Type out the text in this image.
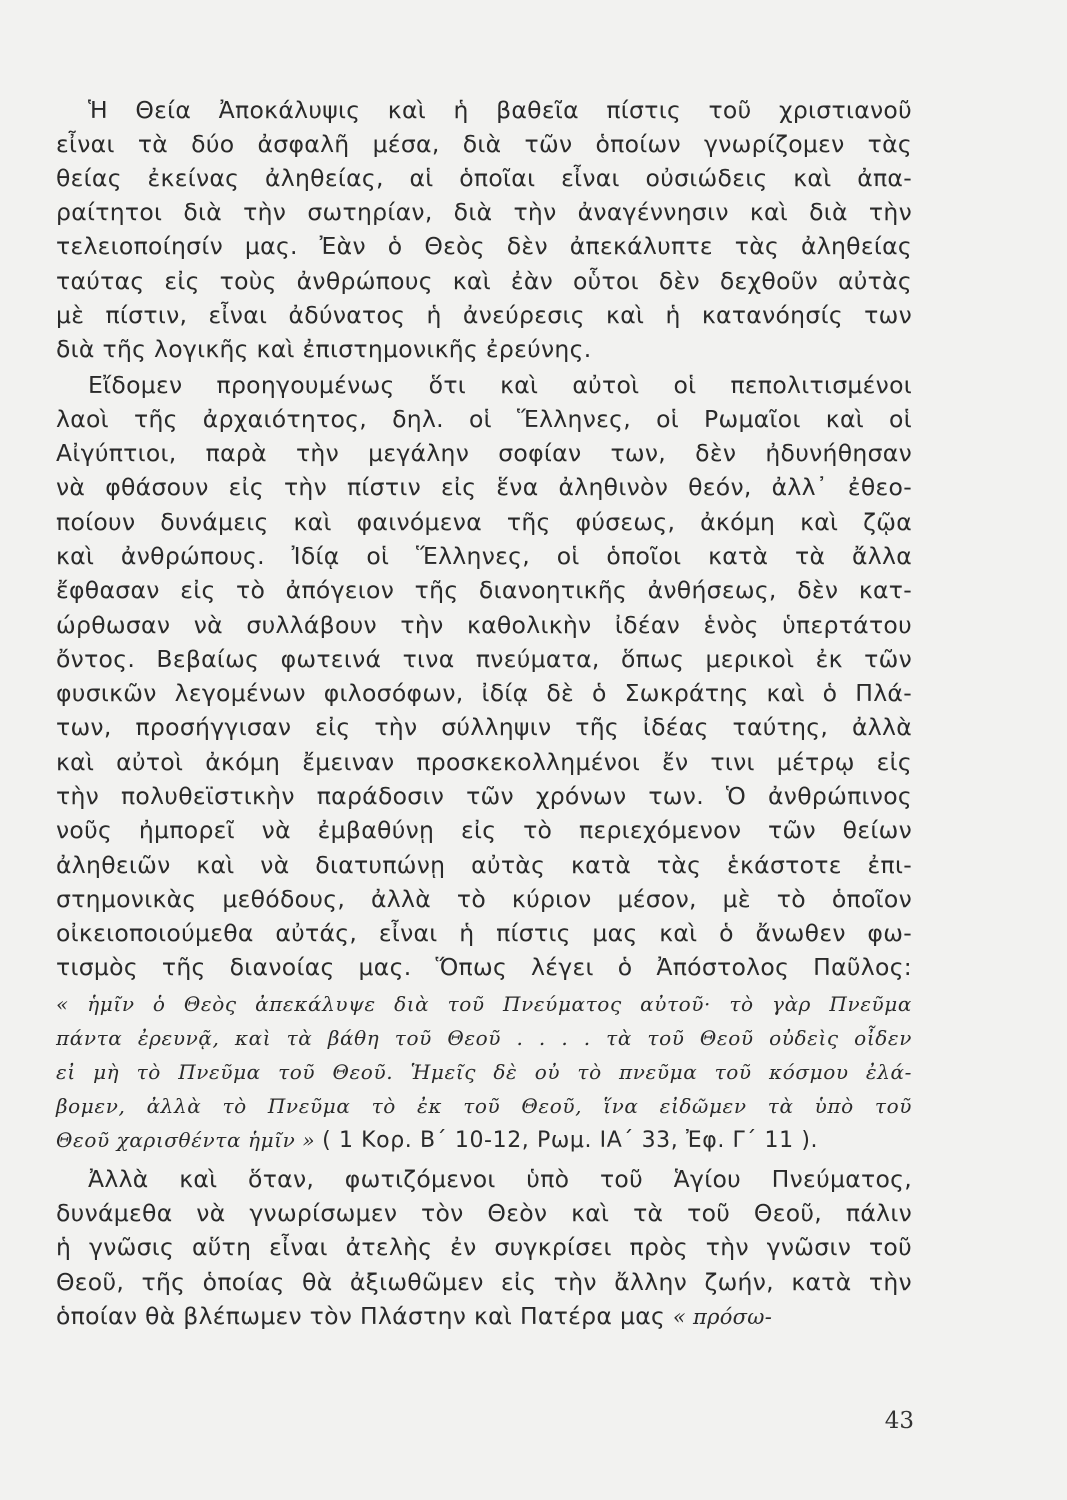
Ἡ Θεία Ἀποκάλυψις καὶ ἡ βαθεῖα πίστις τοῦ χριστιανοῦ
εἶναι τὰ δύο ἀσφαλῆ μέσα, διὰ τῶν ὁποίων γνωρίζομεν τὰς
θείας ἐκείνας ἀληθείας, αἱ ὁποῖαι εἶναι οὐσιώδεις καὶ ἀπα-
ραίτητοι διὰ τὴν σωτηρίαν, διὰ τὴν ἀναγέννησιν καὶ διὰ τὴν
τελειοποίησίν μας. Ἐὰν ὁ Θεὸς δὲν ἀπεκάλυπτε τὰς ἀληθείας
ταύτας εἰς τοὺς ἀνθρώπους καὶ ἐὰν οὗτοι δὲν δεχθοῦν αὐτὰς
μὲ πίστιν, εἶναι ἀδύνατος ἡ ἀνεύρεσις καὶ ἡ κατανόησίς των
διὰ τῆς λογικῆς καὶ ἐπιστημονικῆς ἐρεύνης.
Εἴδομεν προηγουμένως ὅτι καὶ αὐτοὶ οἱ πεπολιτισμένοι
λαοὶ τῆς ἀρχαιότητος, δηλ. οἱ Ἕλληνες, οἱ Ρωμαῖοι καὶ οἱ
Αἰγύπτιοι, παρὰ τὴν μεγάλην σοφίαν των, δὲν ἠδυνήθησαν
νὰ φθάσουν εἰς τὴν πίστιν εἰς ἕνα ἀληθινὸν θεόν, ἀλλ᾽ ἐθεο-
ποίουν δυνάμεις καὶ φαινόμενα τῆς φύσεως, ἀκόμη καὶ ζῷα
καὶ ἀνθρώπους. Ἰδίᾳ οἱ Ἕλληνες, οἱ ὁποῖοι κατὰ τὰ ἄλλα
ἔφθασαν εἰς τὸ ἀπόγειον τῆς διανοητικῆς ἀνθήσεως, δὲν κατ-
ώρθωσαν νὰ συλλάβουν τὴν καθολικὴν ἰδέαν ἑνὸς ὑπερτάτου
ὄντος. Βεβαίως φωτεινά τινα πνεύματα, ὅπως μερικοὶ ἐκ τῶν
φυσικῶν λεγομένων φιλοσόφων, ἰδίᾳ δὲ ὁ Σωκράτης καὶ ὁ Πλά-
των, προσήγγισαν εἰς τὴν σύλληψιν τῆς ἰδέας ταύτης, ἀλλὰ
καὶ αὐτοὶ ἀκόμη ἔμειναν προσκεκολλημένοι ἔν τινι μέτρῳ εἰς
τὴν πολυθεϊστικὴν παράδοσιν τῶν χρόνων των. Ὁ ἀνθρώπινος
νοῦς ἠμπορεῖ νὰ ἐμβαθύνῃ εἰς τὸ περιεχόμενον τῶν θείων
ἀληθειῶν καὶ νὰ διατυπώνῃ αὐτὰς κατὰ τὰς ἑκάστοτε ἐπι-
στημονικὰς μεθόδους, ἀλλὰ τὸ κύριον μέσον, μὲ τὸ ὁποῖον
οἰκειοποιούμεθα αὐτάς, εἶναι ἡ πίστις μας καὶ ὁ ἄνωθεν φω-
τισμὸς τῆς διανοίας μας. Ὅπως λέγει ὁ Ἀπόστολος Παῦλος:
« ἡμῖν ὁ Θεὸς ἀπεκάλυψε διὰ τοῦ Πνεύματος αὐτοῦ· τὸ γὰρ Πνεῦμα
πάντα ἐρευνᾷ, καὶ τὰ βάθη τοῦ Θεοῦ . . . . τὰ τοῦ Θεοῦ οὐδεὶς οἶδεν
εἰ μὴ τὸ Πνεῦμα τοῦ Θεοῦ. Ἡμεῖς δὲ οὐ τὸ πνεῦμα τοῦ κόσμου ἐλά-
βομεν, ἀλλὰ τὸ Πνεῦμα τὸ ἐκ τοῦ Θεοῦ, ἵνα εἰδῶμεν τὰ ὑπὸ τοῦ
Θεοῦ χαρισθέντα ἡμῖν » ( 1 Κορ. Β΄ 10-12, Ρωμ. ΙΑ΄ 33, Ἐφ. Γ΄ 11 ).
Ἀλλὰ καὶ ὅταν, φωτιζόμενοι ὑπὸ τοῦ Ἁγίου Πνεύματος,
δυνάμεθα νὰ γνωρίσωμεν τὸν Θεὸν καὶ τὰ τοῦ Θεοῦ, πάλιν
ἡ γνῶσις αὕτη εἶναι ἀτελὴς ἐν συγκρίσει πρὸς τὴν γνῶσιν τοῦ
Θεοῦ, τῆς ὁποίας θὰ ἀξιωθῶμεν εἰς τὴν ἄλλην ζωήν, κατὰ τὴν
ὁποίαν θὰ βλέπωμεν τὸν Πλάστην καὶ Πατέρα μας « πρόσω-
43
